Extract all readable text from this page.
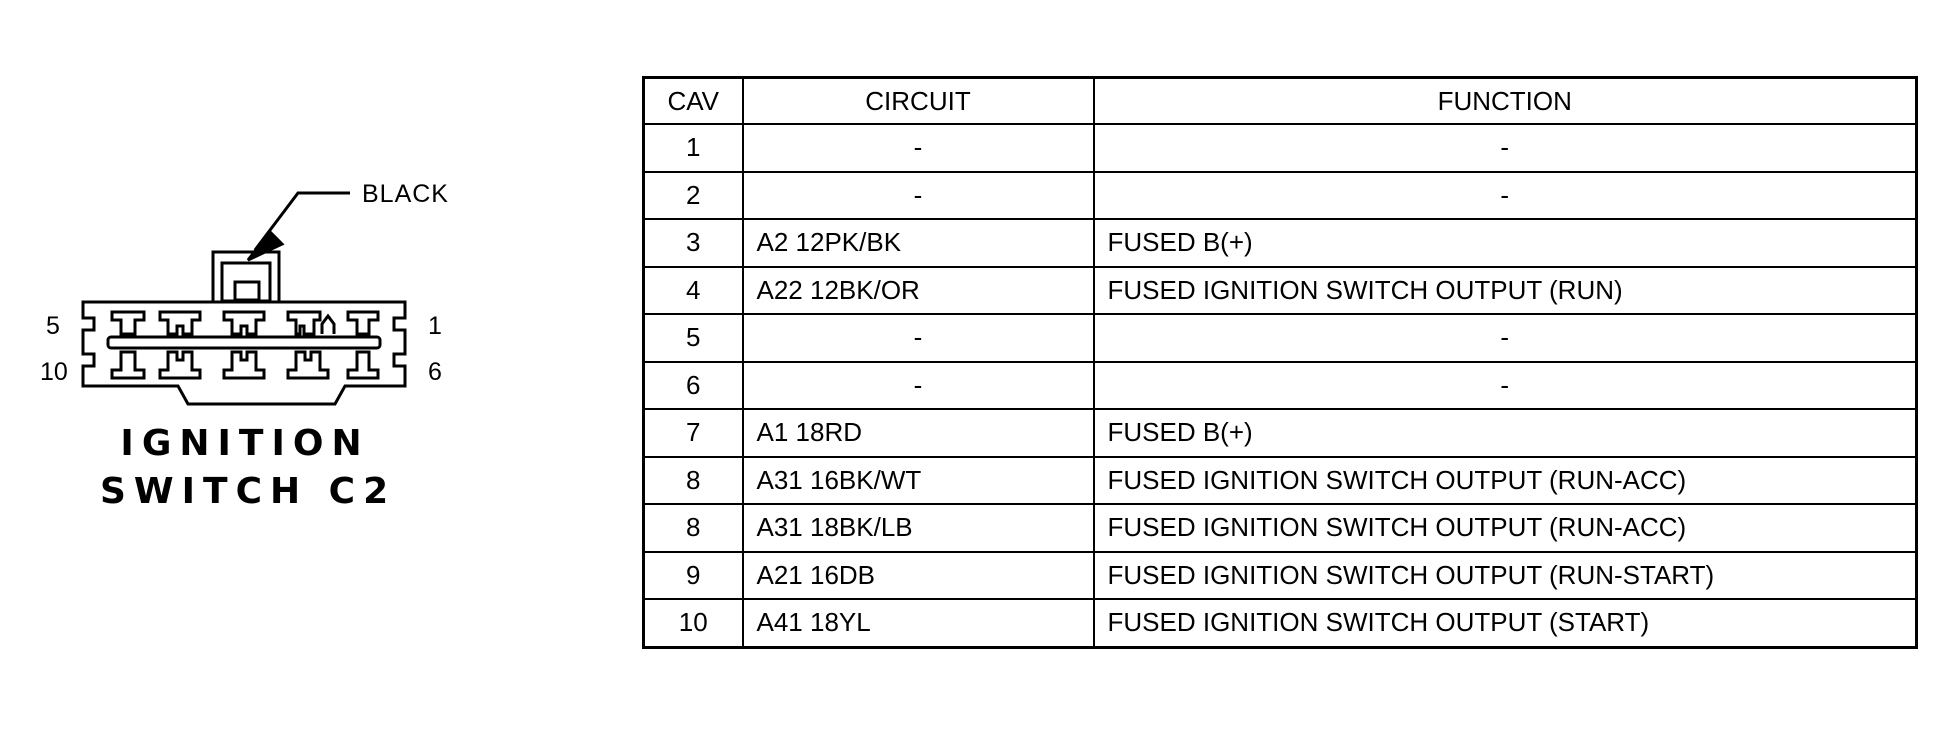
BLACK
5
10
1
6
IGNITION
SWITCH C2
CAV	CIRCUIT	FUNCTION
1	-	-
2	-	-
3	A2 12PK/BK	FUSED B(+)
4	A22 12BK/OR	FUSED IGNITION SWITCH OUTPUT (RUN)
5	-	-
6	-	-
7	A1 18RD	FUSED B(+)
8	A31 16BK/WT	FUSED IGNITION SWITCH OUTPUT (RUN-ACC)
8	A31 18BK/LB	FUSED IGNITION SWITCH OUTPUT (RUN-ACC)
9	A21 16DB	FUSED IGNITION SWITCH OUTPUT (RUN-START)
10	A41 18YL	FUSED IGNITION SWITCH OUTPUT (START)
